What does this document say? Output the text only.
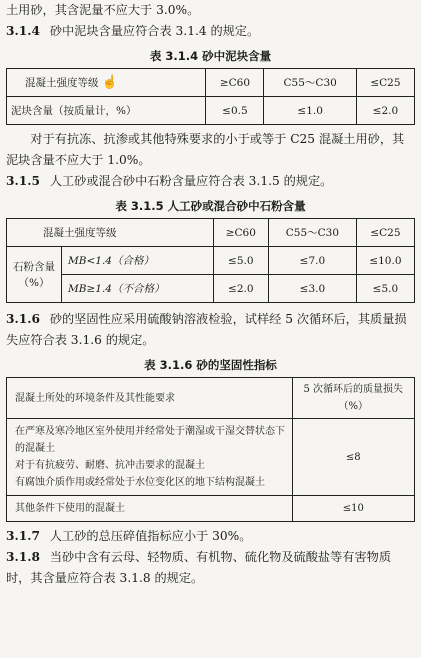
土用砂，其含泥量不应大于 3.0%。

3.1.4 砂中泥块含量应符合表 3.1.4 的规定。

表 3.1.4 砂中泥块含量
混凝土强度等级 ☝	≥C60	C55～C30	≤C25
泥块含量（按质量计，%）	≤0.5	≤1.0	≤2.0

对于有抗冻、抗渗或其他特殊要求的小于或等于 C25 混凝土用砂，其泥块含量不应大于 1.0%。

3.1.5 人工砂或混合砂中石粉含量应符合表 3.1.5 的规定。

表 3.1.5 人工砂或混合砂中石粉含量
混凝土强度等级		≥C60	C55～C30	≤C25
石粉含量（%）	MB<1.4（合格）	≤5.0	≤7.0	≤10.0
	MB≥1.4（不合格）	≤2.0	≤3.0	≤5.0

3.1.6 砂的坚固性应采用硫酸钠溶液检验，试样经 5 次循环后，其质量损失应符合表 3.1.6 的规定。

表 3.1.6 砂的坚固性指标
混凝土所处的环境条件及其性能要求	5 次循环后的质量损失（%）

在严寒及寒冷地区室外使用并经常处于潮湿或干湿交替状态下的混凝土
对于有抗疲劳、耐磨、抗冲击要求的混凝土
有腐蚀介质作用或经常处于水位变化区的地下结构混凝土	≤8
其他条件下使用的混凝土	≤10

3.1.7 人工砂的总压碎值指标应小于 30%。

3.1.8 当砂中含有云母、轻物质、有机物、硫化物及硫酸盐等有害物质时，其含量应符合表 3.1.8 的规定。
